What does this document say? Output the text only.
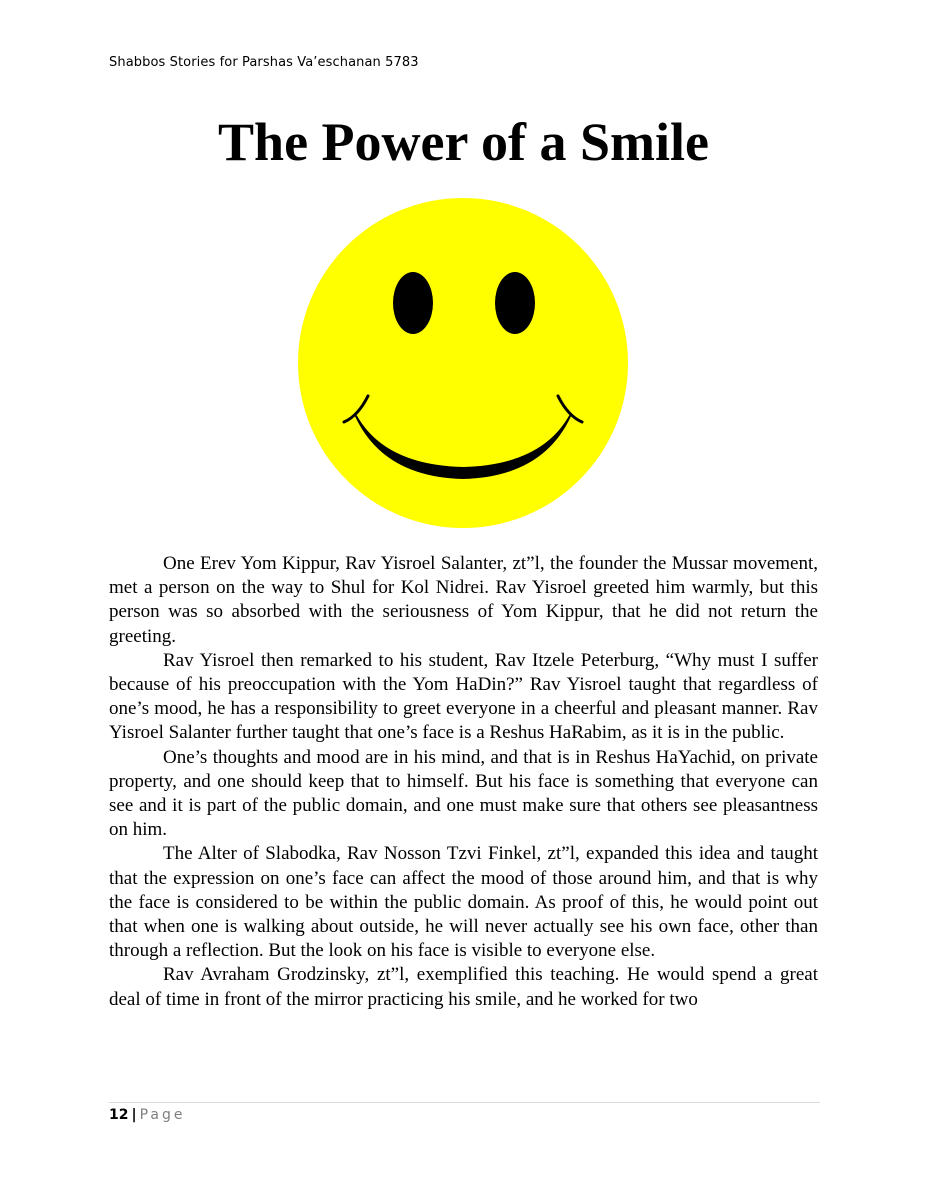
Shabbos Stories for Parshas Va’eschanan 5783
The Power of a Smile

One Erev Yom Kippur, Rav Yisroel Salanter, zt”l, the founder the Mussar movement, met a person on the way to Shul for Kol Nidrei. Rav Yisroel greeted him warmly, but this person was so absorbed with the seriousness of Yom Kippur, that he did not return the greeting.

Rav Yisroel then remarked to his student, Rav Itzele Peterburg, “Why must I suffer because of his preoccupation with the Yom HaDin?” Rav Yisroel taught that regardless of one’s mood, he has a responsibility to greet everyone in a cheerful and pleasant manner. Rav Yisroel Salanter further taught that one’s face is a Reshus HaRabim, as it is in the public.

One’s thoughts and mood are in his mind, and that is in Reshus HaYachid, on private property, and one should keep that to himself. But his face is something that everyone can see and it is part of the public domain, and one must make sure that others see pleasantness on him.

The Alter of Slabodka, Rav Nosson Tzvi Finkel, zt”l, expanded this idea and taught that the expression on one’s face can affect the mood of those around him, and that is why the face is considered to be within the public domain. As proof of this, he would point out that when one is walking about outside, he will never actually see his own face, other than through a reflection. But the look on his face is visible to everyone else.

Rav Avraham Grodzinsky, zt”l, exemplified this teaching. He would spend a great deal of time in front of the mirror practicing his smile, and he worked for two

12 | Page
